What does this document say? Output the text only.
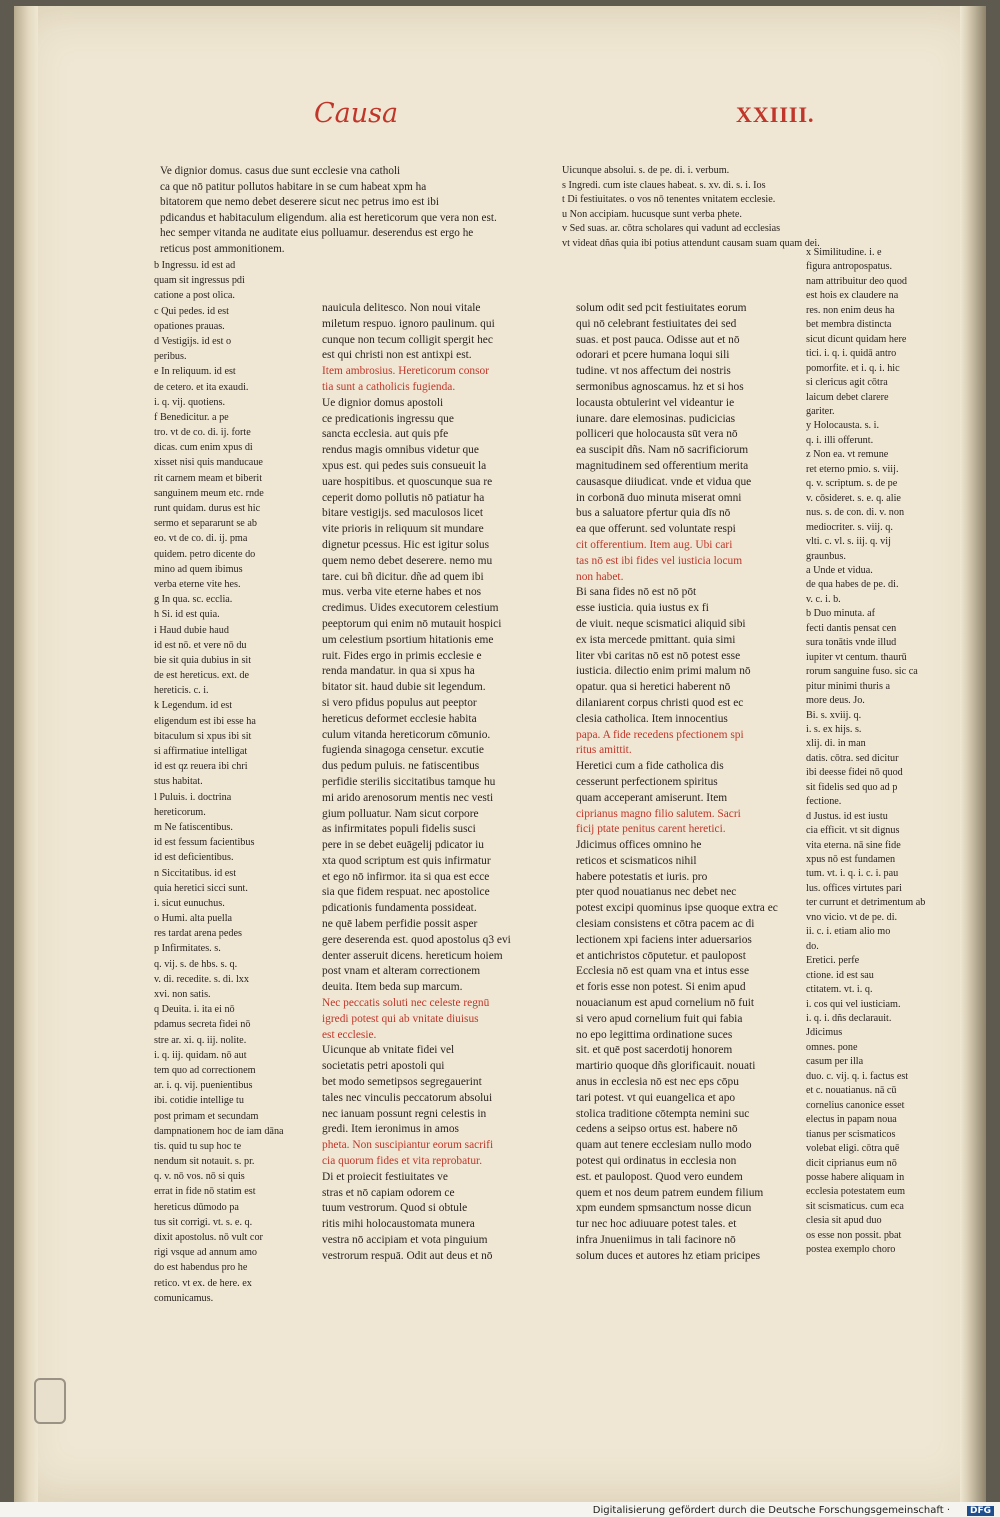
Causa	XXIIII.
Ve dignior domus. casus due sunt ecclesie vna catholi
ca que nō patitur pollutos habitare in se cum habeat xpm ha
bitatorem que nemo debet deserere sicut nec petrus imo est ibi
pdicandus et habitaculum eligendum. alia est hereticorum que vera non est.
hec semper vitanda ne auditate eius polluamur. deserendus est ergo he
reticus post ammonitionem.
b Ingressu. id est ad
quam sit ingressus pdi
catione a post olica.
c Qui pedes. id est
opationes prauas.
d Vestigijs. id est o
peribus.
e In reliquum. id est
de cetero. et ita exaudi.
i. q. vij. quotiens.
f Benedicitur. a pe
tro. vt de co. di. ij. forte
dicas. cum enim xpus di
xisset nisi quis manducaue
rit carnem meam et biberit
sanguinem meum etc. rnde
runt quidam. durus est hic
sermo et separarunt se ab
eo. vt de co. di. ij. pma
quidem. petro dicente do
mino ad quem ibimus
verba eterne vite hes.
g In qua. sc. ecclia.
h Si. id est quia.
i Haud dubie haud
id est nō. et vere nō du
bie sit quia dubius in sit
de est hereticus. ext. de
hereticis. c. i.
k Legendum. id est
eligendum est ibi esse ha
bitaculum si xpus ibi sit
si affirmatiue intelligat
id est qz reuera ibi chri
stus habitat.
l Puluis. i. doctrina
hereticorum.
m Ne fatiscentibus.
id est fessum facientibus
id est deficientibus.
n Siccitatibus. id est
quia heretici sicci sunt.
i. sicut eunuchus.
o Humi. alta puella
res tardat arena pedes
p Infirmitates. s.
q. vij. s. de hbs. s. q.
v. di. recedite. s. di. lxx
xvi. non satis.
q Deuita. i. ita ei nō
pdamus secreta fidei nō
stre ar. xi. q. iij. nolite.
i. q. iij. quidam. nō aut
tem quo ad correctionem
ar. i. q. vij. puenientibus
ibi. cotidie intellige tu
post primam et secundam
dampnationem hoc de iam dāna
tis. quid tu sup hoc te
nendum sit notauit. s. pr.
q. v. nō vos. nō si quis
errat in fide nō statim est
hereticus dūmodo pa
tus sit corrigi. vt. s. e. q.
dixit apostolus. nō vult cor
rigi vsque ad annum amo
do est habendus pro he
retico. vt ex. de here. ex
comunicamus.
nauicula delitesco. Non noui vitale
miletum respuo. ignoro paulinum. qui
cunque non tecum colligit spergit hec
est qui christi non est antixpi est.
Item ambrosius. Hereticorum consor
tia sunt a catholicis fugienda.
Ue dignior domus apostoli
ce predicationis ingressu que
sancta ecclesia. aut quis pfe
rendus magis omnibus videtur que
xpus est. qui pedes suis consueuit la
uare hospitibus. et quoscunque sua re
ceperit domo pollutis nō patiatur ha
bitare vestigijs. sed maculosos licet
vite prioris in reliquum sit mundare
dignetur pcessus. Hic est igitur solus
quem nemo debet deserere. nemo mu
tare. cui bñ dicitur. dñe ad quem ibi
mus. verba vite eterne habes et nos
credimus. Uides executorem celestium
peeptorum qui enim nō mutauit hospici
um celestium psortium hitationis eme
ruit. Fides ergo in primis ecclesie e
renda mandatur. in qua si xpus ha
bitator sit. haud dubie sit legendum.
si vero pfidus populus aut peeptor
hereticus deformet ecclesie habita
culum vitanda hereticorum cōmunio.
fugienda sinagoga censetur. excutie
dus pedum puluis. ne fatiscentibus
perfidie sterilis siccitatibus tamque hu
mi arido arenosorum mentis nec vesti
gium polluatur. Nam sicut corpore
as infirmitates populi fidelis susci
pere in se debet euāgelij pdicator iu
xta quod scriptum est quis infirmatur
et ego nō infirmor. ita si qua est ecce
sia que fidem respuat. nec apostolice
pdicationis fundamenta possideat.
ne quē labem perfidie possit asper
gere deserenda est. quod apostolus q3 evi
denter asseruit dicens. hereticum hoiem
post vnam et alteram correctionem
deuita. Item beda sup marcum.
Nec peccatis soluti nec celeste regnū
igredi potest qui ab vnitate diuisus
est ecclesie.
Uicunque ab vnitate fidei vel
societatis petri apostoli qui
bet modo semetipsos segregauerint
tales nec vinculis peccatorum absolui
nec ianuam possunt regni celestis in
gredi. Item ieronimus in amos
pheta. Non suscipiantur eorum sacrifi
cia quorum fides et vita reprobatur.
Di et proiecit festiuitates ve
stras et nō capiam odorem ce
tuum vestrorum. Quod si obtule
ritis mihi holocaustomata munera
vestra nō accipiam et vota pinguium
vestrorum respuā. Odit aut deus et nō
Uicunque absolui. s. de pe. di. i. verbum.
s Ingredi. cum iste claues habeat. s. xv. di. s. i. Ios
t Di festiuitates. o vos nō tenentes vnitatem ecclesie.
u Non accipiam. hucusque sunt verba phete.
v Sed suas. ar. cōtra scholares qui vadunt ad ecclesias
vt videat dñas quia ibi potius attendunt causam suam quam dei.
solum odit sed pcit festiuitates eorum
qui nō celebrant festiuitates dei sed
suas. et post pauca. Odisse aut et nō
odorari et pcere humana loqui sili
tudine. vt nos affectum dei nostris
sermonibus agnoscamus. hz et si hos
locausta obtulerint vel videantur ie
iunare. dare elemosinas. pudicicias
polliceri que holocausta sūt vera nō
ea suscipit dñs. Nam nō sacrificiorum
magnitudinem sed offerentium merita
causasque diiudicat. vnde et vidua que
in corbonā duo minuta miserat omni
bus a saluatore pfertur quia dīs nō
ea que offerunt. sed voluntate respi
cit offerentium. Item aug. Ubi cari
tas nō est ibi fides vel iusticia locum
non habet.
Bi sana fides nō est nō pōt
esse iusticia. quia iustus ex fi
de viuit. neque scismatici aliquid sibi
ex ista mercede pmittant. quia simi
liter vbi caritas nō est nō potest esse
iusticia. dilectio enim primi malum nō
opatur. qua si heretici haberent nō
dilaniarent corpus christi quod est ec
clesia catholica. Item innocentius
papa. A fide recedens pfectionem spi
ritus amittit.
Heretici cum a fide catholica dis
cesserunt perfectionem spiritus
quam acceperant amiserunt. Item
ciprianus magno filio salutem. Sacri
ficij ptate penitus carent heretici.
Jdicimus offices omnino he
reticos et scismaticos nihil
habere potestatis et iuris. pro
pter quod nouatianus nec debet nec
potest excipi quominus ipse quoque extra ec
clesiam consistens et cōtra pacem ac di
lectionem xpi faciens inter aduersarios
et antichristos cōputetur. et paulopost
Ecclesia nō est quam vna et intus esse
et foris esse non potest. Si enim apud
nouacianum est apud cornelium nō fuit
si vero apud cornelium fuit qui fabia
no epo legittima ordinatione suces
sit. et quē post sacerdotij honorem
martirio quoque dñs glorificauit. nouati
anus in ecclesia nō est nec eps cōpu
tari potest. vt qui euangelica et apo
stolica traditione cōtempta nemini suc
cedens a seipso ortus est. habere nō
quam aut tenere ecclesiam nullo modo
potest qui ordinatus in ecclesia non
est. et paulopost. Quod vero eundem
quem et nos deum patrem eundem filium
xpm eundem spmsanctum nosse dicun
tur nec hoc adiuuare potest tales. et
infra Jnueniimus in tali facinore nō
solum duces et autores hz etiam pricipes
x Similitudine. i. e
figura antropospatus.
nam attribuitur deo quod
est hois ex claudere na
res. non enim deus ha
bet membra distincta
sicut dicunt quidam here
tici. i. q. i. quidā antro
pomorfite. et i. q. i. hic
si clericus agit cōtra
laicum debet clarere
gariter.
y Holocausta. s. i.
q. i. illi offerunt.
z Non ea. vt remune
ret eterno pmio. s. viij.
q. v. scriptum. s. de pe
v. cōsideret. s. e. q. alie
nus. s. de con. di. v. non
mediocriter. s. viij. q.
vlti. c. vl. s. iij. q. vij
graunbus.
a Unde et vidua.
de qua habes de pe. di.
v. c. i. b.
b Duo minuta. af
fecti dantis pensat cen
sura tonātis vnde illud
iupiter vt centum. thaurū
rorum sanguine fuso. sic ca
pitur minimi thuris a
more deus. Jo.
Bi. s. xviij. q.
i. s. ex hijs. s.
xlij. di. in man
datis. cōtra. sed dicitur
ibi deesse fidei nō quod
sit fidelis sed quo ad p
fectione.
d Justus. id est iustu
cia efficit. vt sit dignus
vita eterna. nā sine fide
xpus nō est fundamen
tum. vt. i. q. i. c. i. pau
lus. offices virtutes pari
ter currunt et detrimentum ab
vno vicio. vt de pe. di.
ii. c. i. etiam alio mo
do.
Eretici. perfe
ctione. id est sau
ctitatem. vt. i. q.
i. cos qui vel iusticiam.
i. q. i. dñs declarauit.
Jdicimus
omnes. pone
casum per illa
duo. c. vij. q. i. factus est
et c. nouatianus. nā cū
cornelius canonice esset
electus in papam noua
tianus per scismaticos
volebat eligi. cōtra quē
dicit ciprianus eum nō
posse habere aliquam in
ecclesia potestatem eum
sit scismaticus. cum eca
clesia sit apud duo
os esse non possit. pbat
postea exemplo choro
Digitalisierung gefördert durch die Deutsche Forschungsgemeinschaft ·	DFG
